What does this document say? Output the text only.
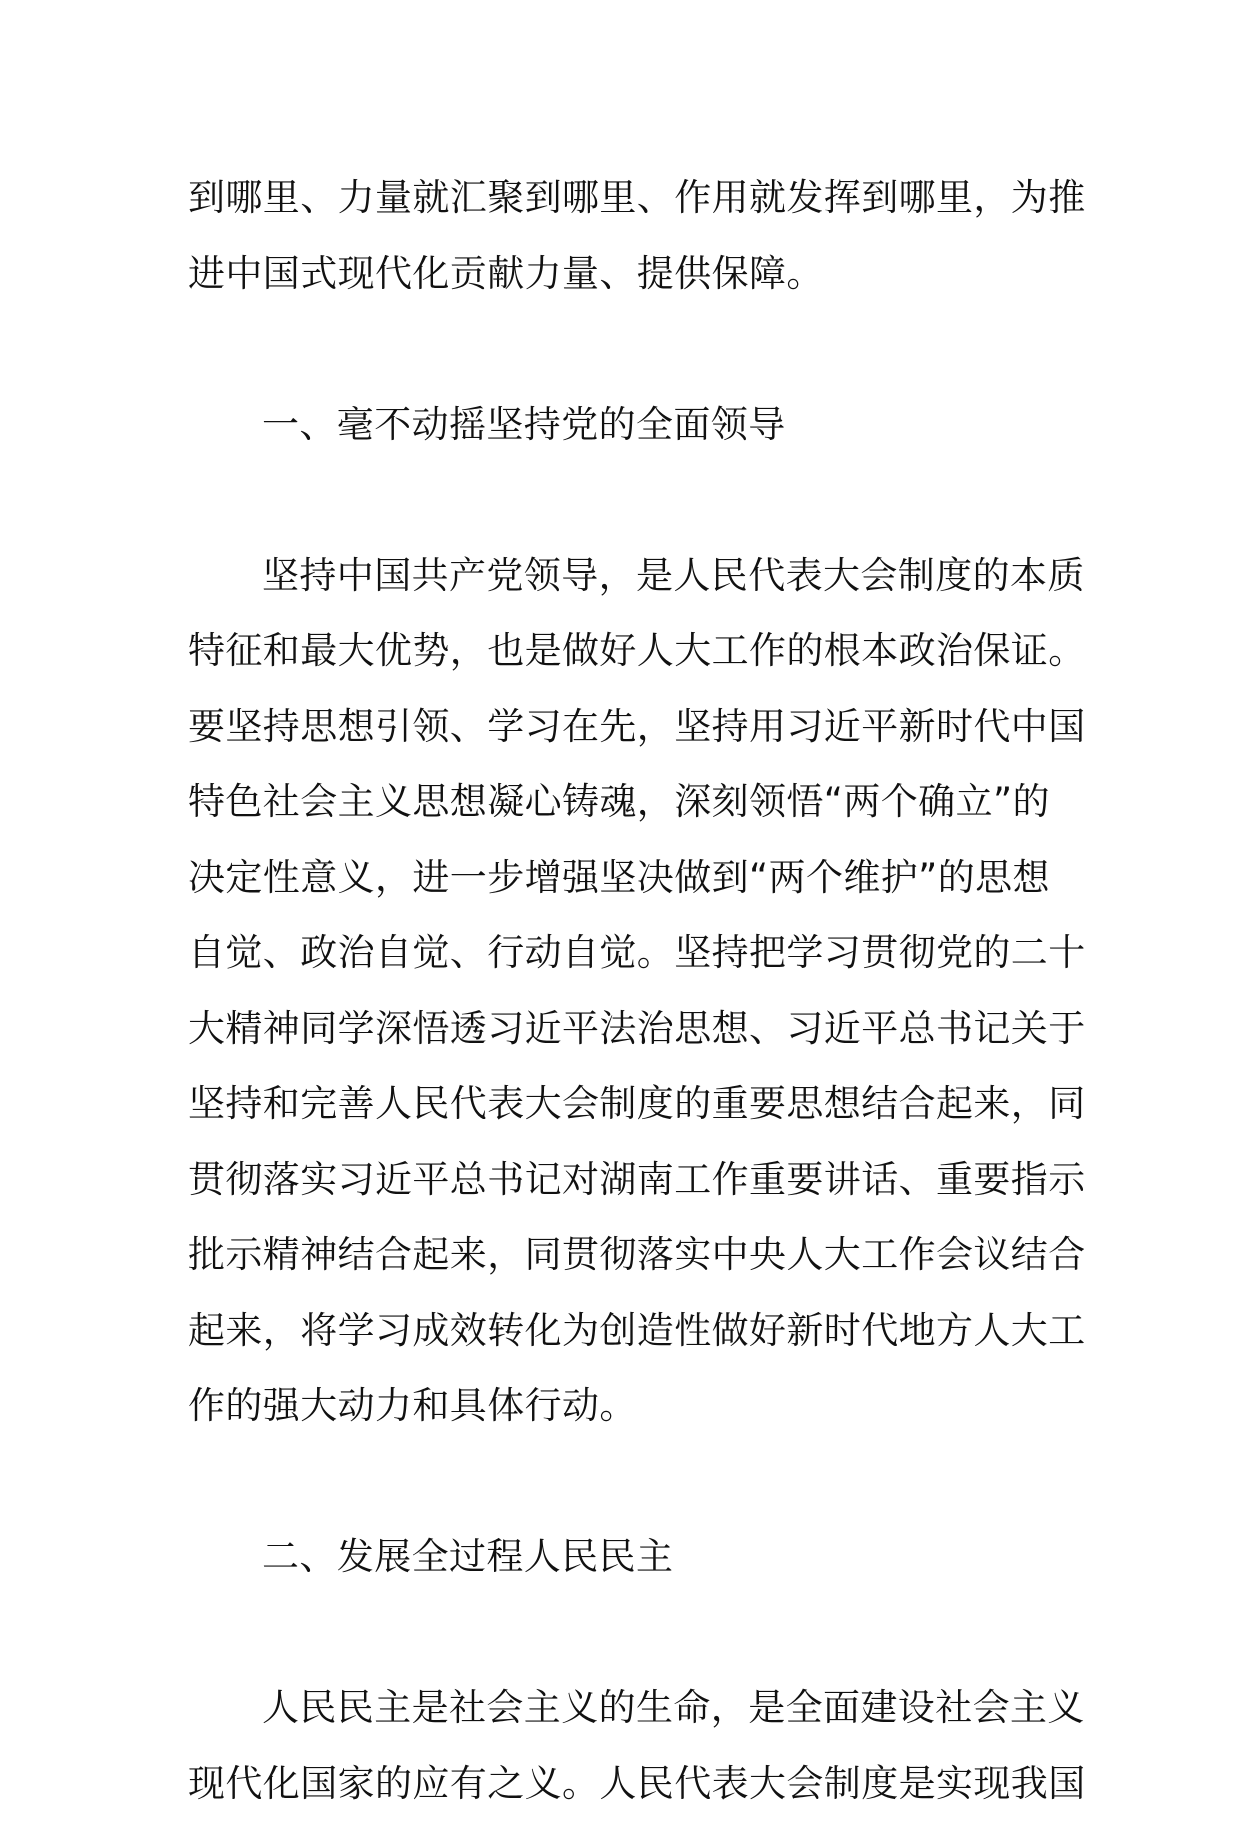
到哪里、力量就汇聚到哪里、作用就发挥到哪里，为推
进中国式现代化贡献力量、提供保障。
一、毫不动摇坚持党的全面领导
坚持中国共产党领导，是人民代表大会制度的本质
特征和最大优势，也是做好人大工作的根本政治保证。
要坚持思想引领、学习在先，坚持用习近平新时代中国
特色社会主义思想凝心铸魂，深刻领悟“两个确立”的
决定性意义，进一步增强坚决做到“两个维护”的思想
自觉、政治自觉、行动自觉。坚持把学习贯彻党的二十
大精神同学深悟透习近平法治思想、习近平总书记关于
坚持和完善人民代表大会制度的重要思想结合起来，同
贯彻落实习近平总书记对湖南工作重要讲话、重要指示
批示精神结合起来，同贯彻落实中央人大工作会议结合
起来，将学习成效转化为创造性做好新时代地方人大工
作的强大动力和具体行动。
二、发展全过程人民民主
人民民主是社会主义的生命，是全面建设社会主义
现代化国家的应有之义。人民代表大会制度是实现我国
